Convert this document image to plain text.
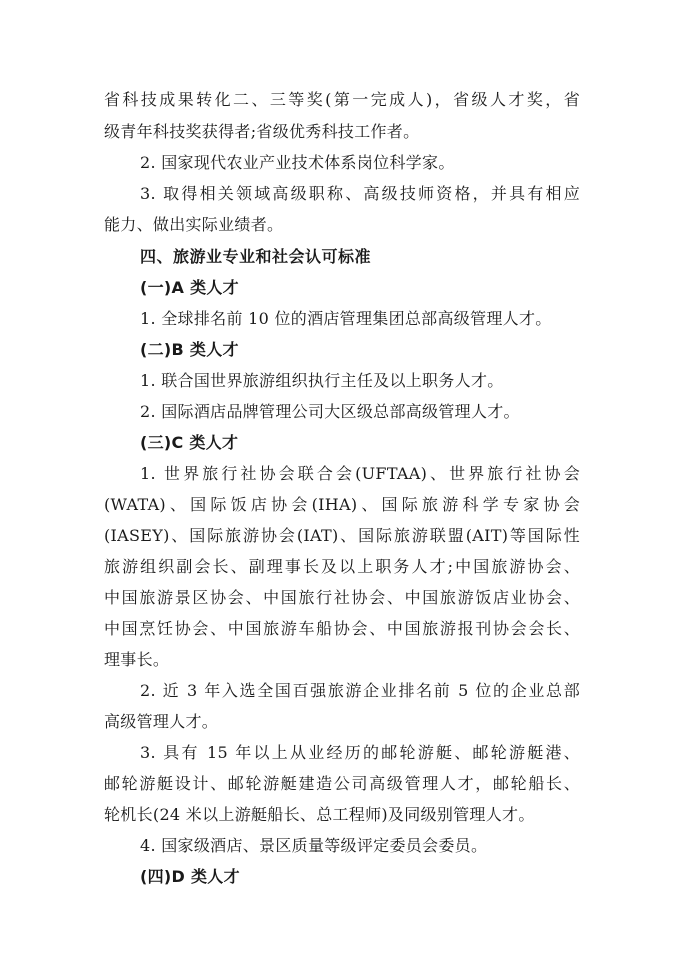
省科技成果转化二、三等奖(第一完成人)，省级人才奖，省
级青年科技奖获得者;省级优秀科技工作者。
2. 国家现代农业产业技术体系岗位科学家。
3. 取得相关领域高级职称、高级技师资格，并具有相应
能力、做出实际业绩者。
四、旅游业专业和社会认可标准
(一)A 类人才
1. 全球排名前 10 位的酒店管理集团总部高级管理人才。
(二)B 类人才
1. 联合国世界旅游组织执行主任及以上职务人才。
2. 国际酒店品牌管理公司大区级总部高级管理人才。
(三)C 类人才
1. 世界旅行社协会联合会(UFTAA)、世界旅行社协会
(WATA)、国际饭店协会(IHA)、国际旅游科学专家协会
(IASEY)、国际旅游协会(IAT)、国际旅游联盟(AIT)等国际性
旅游组织副会长、副理事长及以上职务人才;中国旅游协会、
中国旅游景区协会、中国旅行社协会、中国旅游饭店业协会、
中国烹饪协会、中国旅游车船协会、中国旅游报刊协会会长、
理事长。
2. 近 3 年入选全国百强旅游企业排名前 5 位的企业总部
高级管理人才。
3. 具有 15 年以上从业经历的邮轮游艇、邮轮游艇港、
邮轮游艇设计、邮轮游艇建造公司高级管理人才，邮轮船长、
轮机长(24 米以上游艇船长、总工程师)及同级别管理人才。
4. 国家级酒店、景区质量等级评定委员会委员。
(四)D 类人才
